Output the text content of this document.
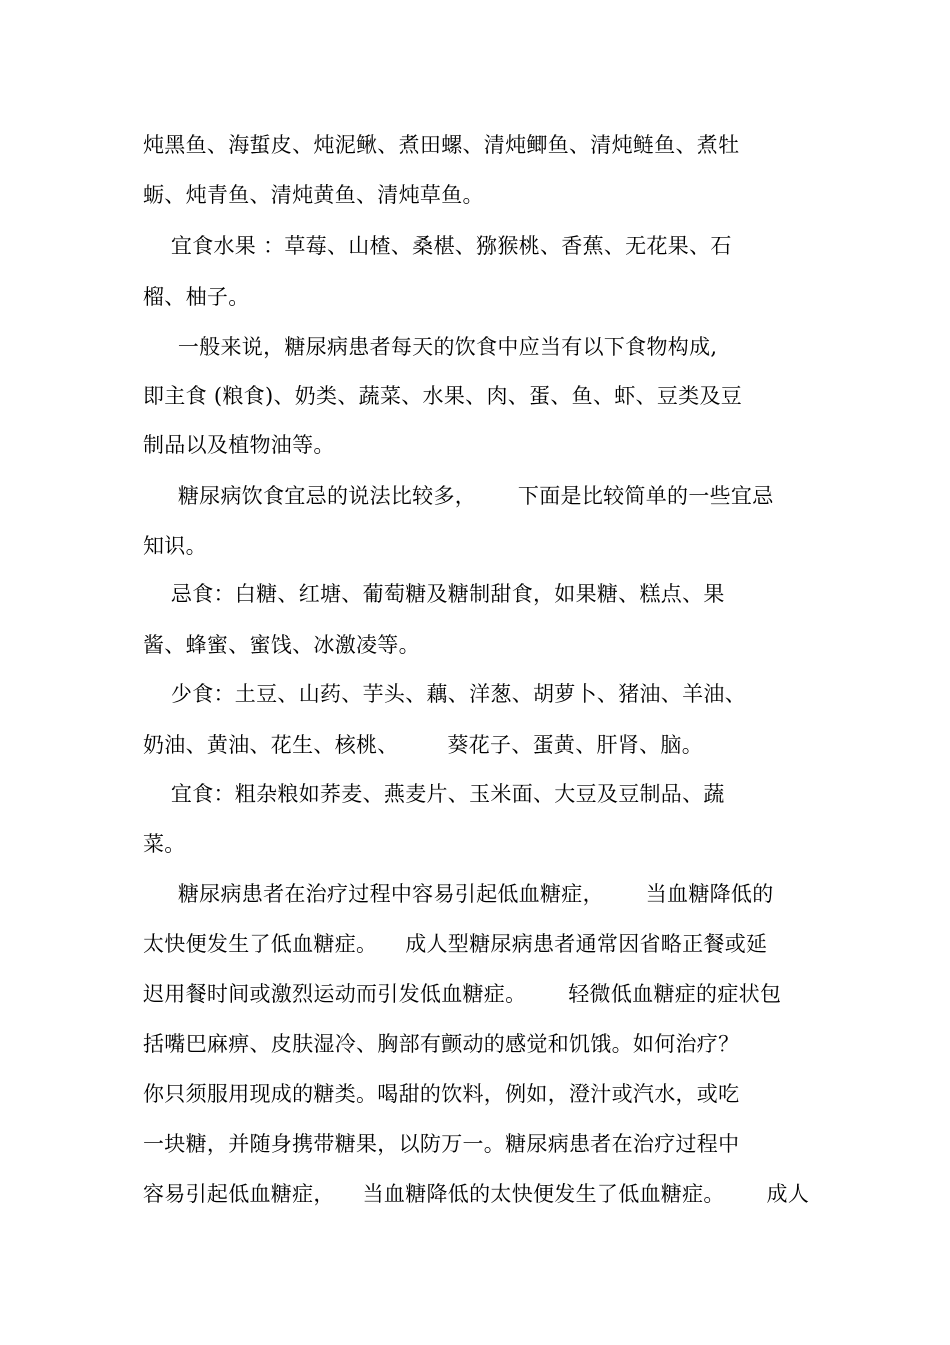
炖黑鱼、海蜇皮、炖泥鳅、煮田螺、清炖鲫鱼、清炖鲢鱼、煮牡
蛎、炖青鱼、清炖黄鱼、清炖草鱼。
宜食水果 ：草莓、山楂、桑椹、猕猴桃、香蕉、无花果、石
榴、柚子。
一般来说，糖尿病患者每天的饮食中应当有以下食物构成,
即主食 (粮食)、奶类、蔬菜、水果、肉、蛋、鱼、虾、豆类及豆
制品以及植物油等。
糖尿病饮食宜忌的说法比较多，      下面是比较简单的一些宜忌
知识。
忌食：白糖、红塘、葡萄糖及糖制甜食，如果糖、糕点、果
酱、蜂蜜、蜜饯、冰激凌等。
少食：土豆、山药、芋头、藕、洋葱、胡萝卜、猪油、羊油、
奶油、黄油、花生、核桃、       葵花子、蛋黄、肝肾、脑。
宜食：粗杂粮如荞麦、燕麦片、玉米面、大豆及豆制品、蔬
菜。
糖尿病患者在治疗过程中容易引起低血糖症，      当血糖降低的
太快便发生了低血糖症。    成人型糖尿病患者通常因省略正餐或延
迟用餐时间或激烈运动而引发低血糖症。      轻微低血糖症的症状包
括嘴巴麻痹、皮肤湿冷、胸部有颤动的感觉和饥饿。如何治疗？
你只须服用现成的糖类。喝甜的饮料，例如，澄汁或汽水，或吃
一块糖，并随身携带糖果，以防万一。糖尿病患者在治疗过程中
容易引起低血糖症，    当血糖降低的太快便发生了低血糖症。      成人
